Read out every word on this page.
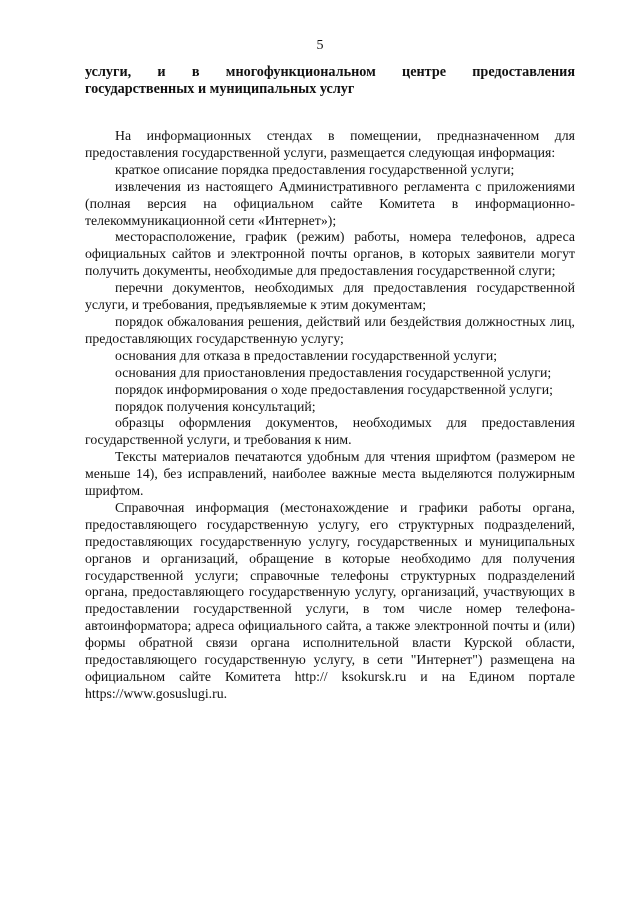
5

услуги, и в многофункциональном центре предоставления

государственных и муниципальных услуг

На информационных стендах в помещении, предназначенном для предоставления государственной услуги, размещается следующая информация:

краткое описание порядка предоставления государственной услуги;

извлечения из настоящего Административного регламента с приложениями (полная версия на официальном сайте Комитета в информационно-телекоммуникационной сети «Интернет»);

месторасположение, график (режим) работы, номера телефонов, адреса официальных сайтов и электронной почты органов, в которых заявители могут получить документы, необходимые для предоставления государственной слуги;

перечни документов, необходимых для предоставления государственной услуги, и требования, предъявляемые к этим документам;

порядок обжалования решения, действий или бездействия должностных лиц, предоставляющих государственную услугу;

основания для отказа в предоставлении государственной услуги;

основания для приостановления предоставления государственной услуги;

порядок информирования о ходе предоставления государственной услуги;

порядок получения консультаций;

образцы оформления документов, необходимых для предоставления государственной услуги, и требования к ним.

Тексты материалов печатаются удобным для чтения шрифтом (размером не меньше 14), без исправлений, наиболее важные места выделяются полужирным шрифтом.

Справочная информация (местонахождение и графики работы органа, предоставляющего государственную услугу, его структурных подразделений, предоставляющих государственную услугу, государственных и муниципальных органов и организаций, обращение в которые необходимо для получения государственной услуги; справочные телефоны структурных подразделений органа, предоставляющего государственную услугу, организаций, участвующих в предоставлении государственной услуги, в том числе номер телефона-автоинформатора; адреса официального сайта, а также электронной почты и (или) формы обратной связи органа исполнительной власти Курской области, предоставляющего государственную услугу, в сети "Интернет") размещена на официальном сайте Комитета http:// ksokursk.ru и на Едином портале https://www.gosuslugi.ru.
